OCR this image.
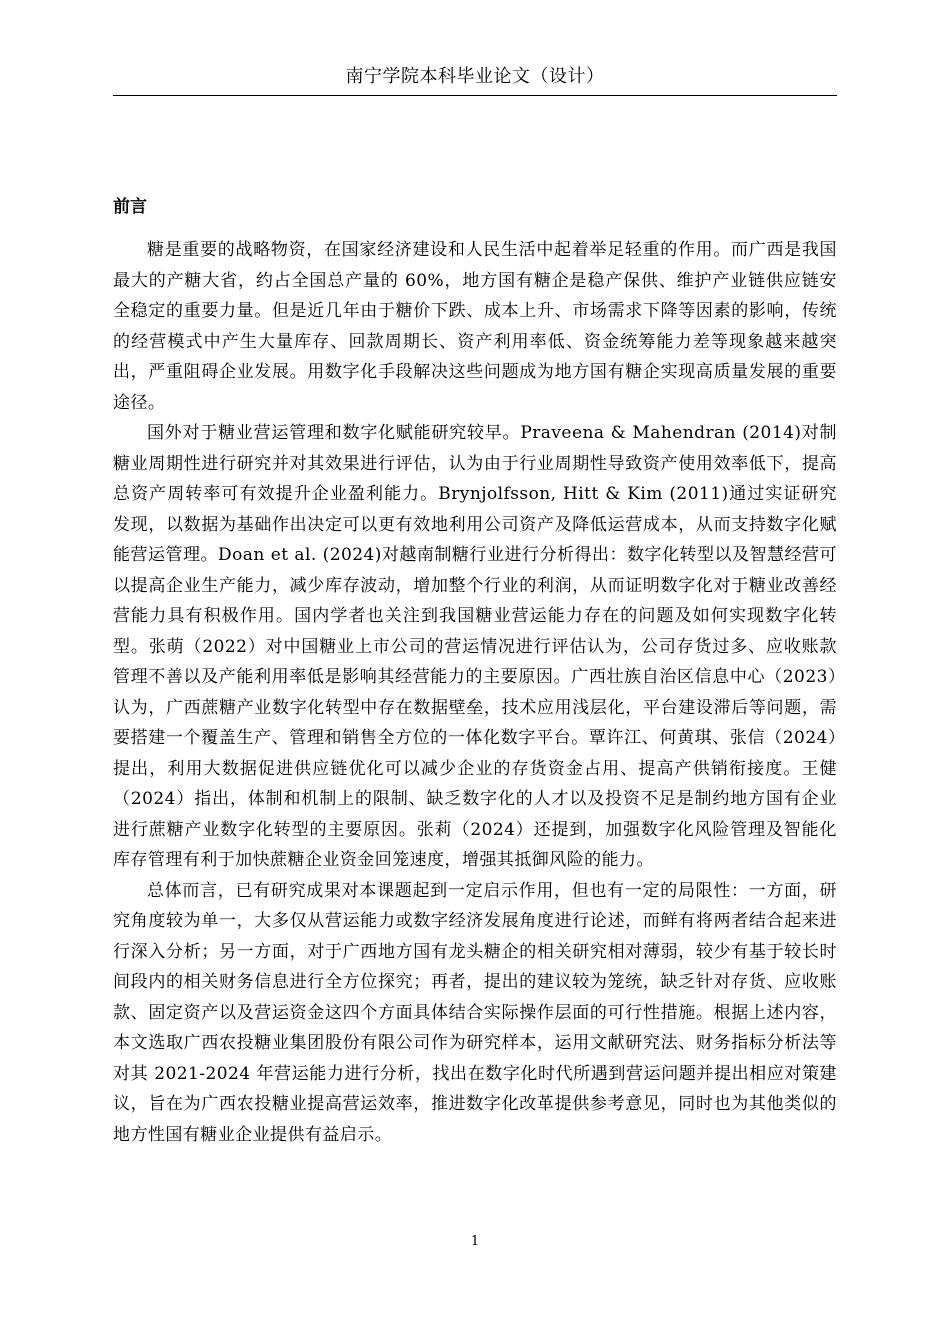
南宁学院本科毕业论文（设计）
前言

糖是重要的战略物资，在国家经济建设和人民生活中起着举足轻重的作用。而广西是我国最大的产糖大省，约占全国总产量的 60%，地方国有糖企是稳产保供、维护产业链供应链安全稳定的重要力量。但是近几年由于糖价下跌、成本上升、市场需求下降等因素的影响，传统的经营模式中产生大量库存、回款周期长、资产利用率低、资金统筹能力差等现象越来越突出，严重阻碍企业发展。用数字化手段解决这些问题成为地方国有糖企实现高质量发展的重要途径。

国外对于糖业营运管理和数字化赋能研究较早。Praveena & Mahendran (2014)对制糖业周期性进行研究并对其效果进行评估，认为由于行业周期性导致资产使用效率低下，提高总资产周转率可有效提升企业盈利能力。Brynjolfsson, Hitt & Kim (2011)通过实证研究发现，以数据为基础作出决定可以更有效地利用公司资产及降低运营成本，从而支持数字化赋能营运管理。Doan et al. (2024)对越南制糖行业进行分析得出：数字化转型以及智慧经营可以提高企业生产能力，减少库存波动，增加整个行业的利润，从而证明数字化对于糖业改善经营能力具有积极作用。国内学者也关注到我国糖业营运能力存在的问题及如何实现数字化转型。张萌（2022）对中国糖业上市公司的营运情况进行评估认为，公司存货过多、应收账款管理不善以及产能利用率低是影响其经营能力的主要原因。广西壮族自治区信息中心（2023）认为，广西蔗糖产业数字化转型中存在数据壁垒，技术应用浅层化，平台建设滞后等问题，需要搭建一个覆盖生产、管理和销售全方位的一体化数字平台。覃许江、何黄琪、张信（2024）提出，利用大数据促进供应链优化可以减少企业的存货资金占用、提高产供销衔接度。王健（2024）指出，体制和机制上的限制、缺乏数字化的人才以及投资不足是制约地方国有企业进行蔗糖产业数字化转型的主要原因。张莉（2024）还提到，加强数字化风险管理及智能化库存管理有利于加快蔗糖企业资金回笼速度，增强其抵御风险的能力。

总体而言，已有研究成果对本课题起到一定启示作用，但也有一定的局限性：一方面，研究角度较为单一，大多仅从营运能力或数字经济发展角度进行论述，而鲜有将两者结合起来进行深入分析；另一方面，对于广西地方国有龙头糖企的相关研究相对薄弱，较少有基于较长时间段内的相关财务信息进行全方位探究；再者，提出的建议较为笼统，缺乏针对存货、应收账款、固定资产以及营运资金这四个方面具体结合实际操作层面的可行性措施。根据上述内容，本文选取广西农投糖业集团股份有限公司作为研究样本，运用文献研究法、财务指标分析法等对其 2021-2024 年营运能力进行分析，找出在数字化时代所遇到营运问题并提出相应对策建议，旨在为广西农投糖业提高营运效率，推进数字化改革提供参考意见，同时也为其他类似的地方性国有糖业企业提供有益启示。

1
